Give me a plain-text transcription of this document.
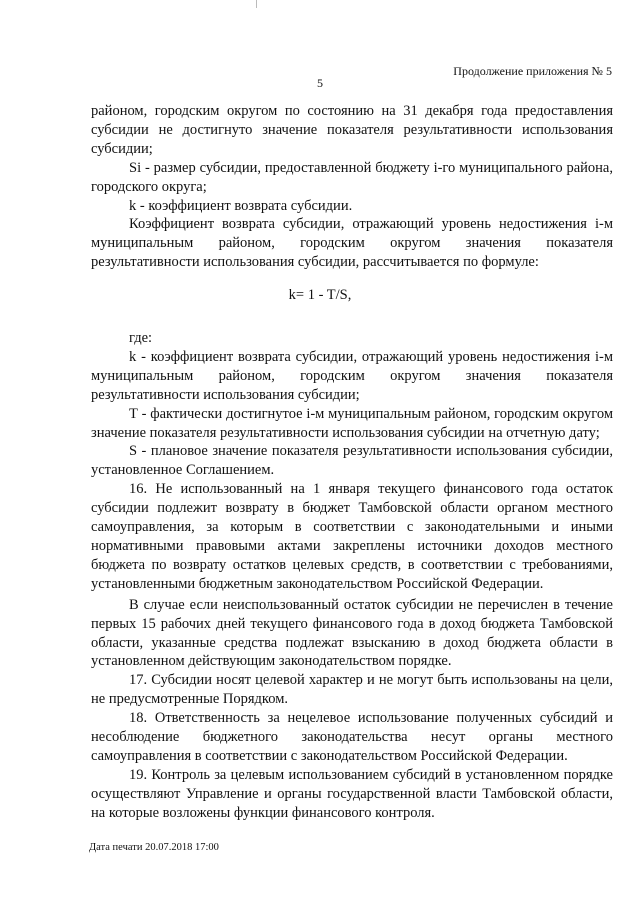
Продолжение приложения № 5
5

районом, городским округом по состоянию на 31 декабря года предоставления субсидии не достигнуто значение показателя результативности использования субсидии;

Si - размер субсидии, предоставленной бюджету i-го муниципального района, городского округа;

k - коэффициент возврата субсидии.

Коэффициент возврата субсидии, отражающий уровень недостижения i-м муниципальным районом, городским округом значения показателя результативности использования субсидии, рассчитывается по формуле:

k= 1 - T/S,

где:

k - коэффициент возврата субсидии, отражающий уровень недостижения i-м муниципальным районом, городским округом значения показателя результативности использования субсидии;

Т - фактически достигнутое i-м муниципальным районом, городским округом значение показателя результативности использования субсидии на отчетную дату;

S - плановое значение показателя результативности использования субсидии, установленное Соглашением.

16. Не использованный на 1 января текущего финансового года остаток субсидии подлежит возврату в бюджет Тамбовской области органом местного самоуправления, за которым в соответствии с законодательными и иными нормативными правовыми актами закреплены источники доходов местного бюджета по возврату остатков целевых средств, в соответствии с требованиями, установленными бюджетным законодательством Российской Федерации.

В случае если неиспользованный остаток субсидии не перечислен в течение первых 15 рабочих дней текущего финансового года в доход бюджета Тамбовской области, указанные средства подлежат взысканию в доход бюджета области в установленном действующим законодательством порядке.

17. Субсидии носят целевой характер и не могут быть использованы на цели, не предусмотренные Порядком.

18. Ответственность за нецелевое использование полученных субсидий и несоблюдение бюджетного законодательства несут органы местного самоуправления в соответствии с законодательством Российской Федерации.

19. Контроль за целевым использованием субсидий в установленном порядке осуществляют Управление и органы государственной власти Тамбовской области, на которые возложены функции финансового контроля.

Дата печати 20.07.2018 17:00
